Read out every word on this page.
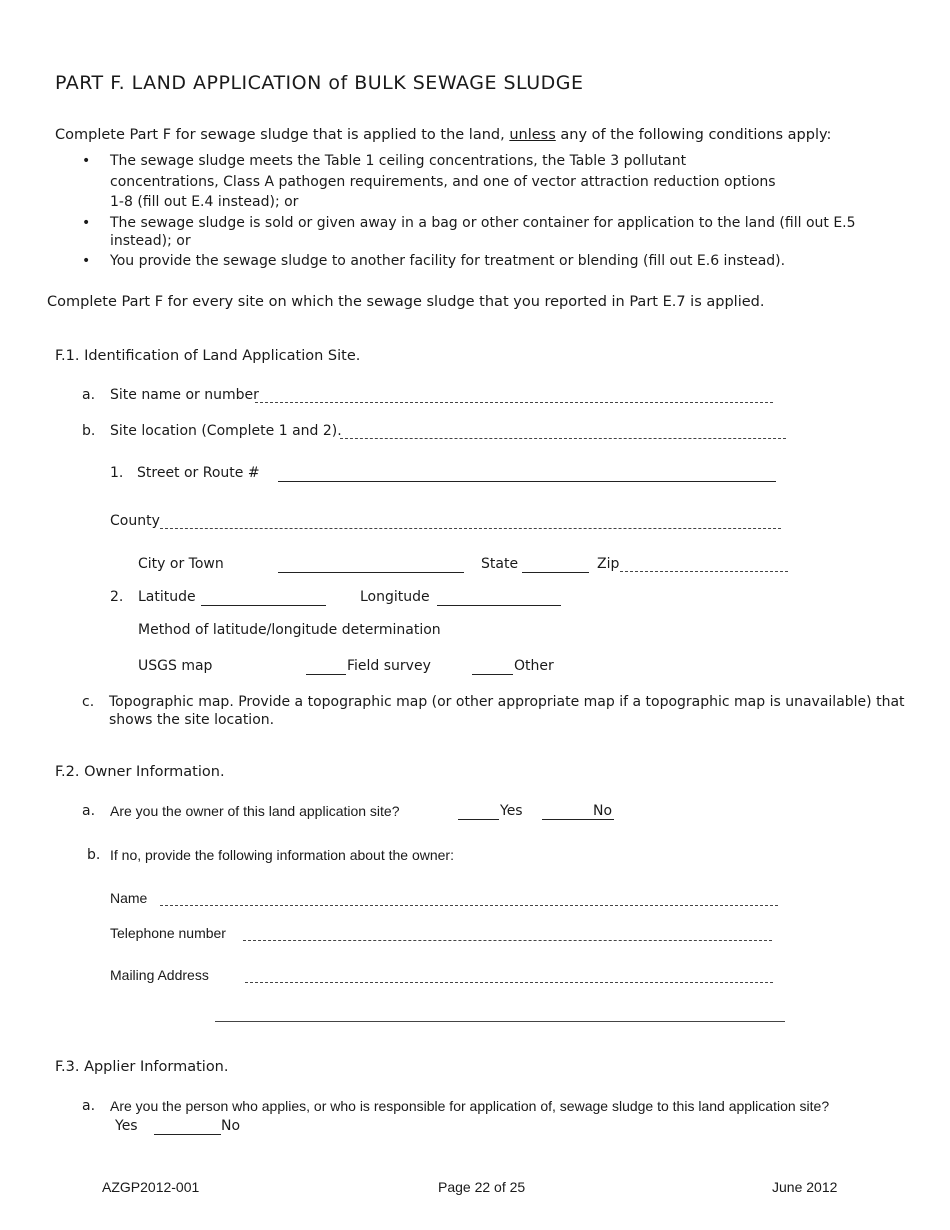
PART F. LAND APPLICATION of BULK SEWAGE SLUDGE
Complete Part F for sewage sludge that is applied to the land, unless any of the following conditions apply:
• The sewage sludge meets the Table 1 ceiling concentrations, the Table 3 pollutant
concentrations, Class A pathogen requirements, and one of vector attraction reduction options
1-8 (fill out E.4 instead); or
• The sewage sludge is sold or given away in a bag or other container for application to the land (fill out E.5
instead); or
• You provide the sewage sludge to another facility for treatment or blending (fill out E.6 instead).
Complete Part F for every site on which the sewage sludge that you reported in Part E.7 is applied.
F.1. Identification of Land Application Site.
a. Site name or number
b. Site location (Complete 1 and 2).
1. Street or Route #
County
City or Town	State	Zip
2. Latitude	Longitude
Method of latitude/longitude determination
USGS map	Field survey	Other
c. Topographic map. Provide a topographic map (or other appropriate map if a topographic map is unavailable) that
shows the site location.
F.2. Owner Information.
a. Are you the owner of this land application site?	Yes	No
b. If no, provide the following information about the owner:
Name
Telephone number
Mailing Address
F.3. Applier Information.
a. Are you the person who applies, or who is responsible for application of, sewage sludge to this land application site?
Yes	No
AZGP2012-001	Page 22 of 25	June 2012
